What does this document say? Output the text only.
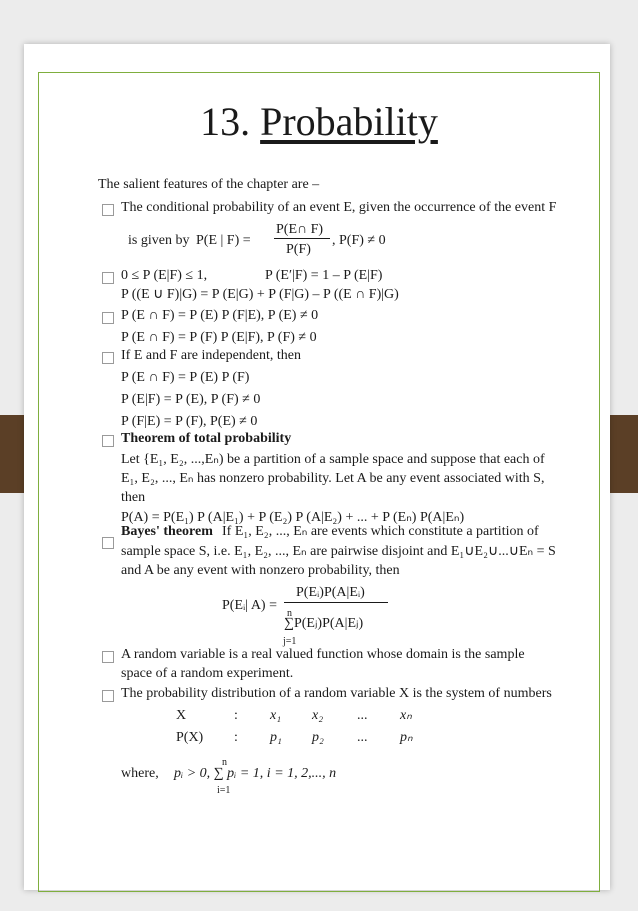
13. Probability
The salient features of the chapter are –
The conditional probability of an event E, given the occurrence of the event F
is given by P(E | F) =
P(E∩ F)
P(F)
, P(F) ≠ 0
0 ≤ P (E|F) ≤ 1,	P (E′|F) = 1 – P (E|F)
P ((E ∪ F)|G) = P (E|G) + P (F|G) – P ((E ∩ F)|G)
P (E ∩ F) = P (E) P (F|E), P (E) ≠ 0
P (E ∩ F) = P (F) P (E|F), P (F) ≠ 0
If E and F are independent, then
P (E ∩ F) = P (E) P (F)
P (E|F) = P (E), P (F) ≠ 0
P (F|E) = P (F), P(E) ≠ 0
Theorem of total probability
Let {E₁, E₂, ...,Eₙ) be a partition of a sample space and suppose that each of
E₁, E₂, ..., Eₙ has nonzero probability. Let A be any event associated with S,
then
P(A) = P(E₁) P (A|E₁) + P (E₂) P (A|E₂) + ... + P (Eₙ) P(A|Eₙ)
Bayes' theorem If E₁, E₂, ..., Eₙ are events which constitute a partition of
sample space S, i.e. E₁, E₂, ..., Eₙ are pairwise disjoint and E₁∪E₂∪...∪Eₙ = S
and A be any event with nonzero probability, then
P(Eᵢ| A) =
P(Eᵢ)P(A|Eᵢ)
n
∑P(Eⱼ)P(A|Eⱼ)
j=1
A random variable is a real valued function whose domain is the sample
space of a random experiment.
The probability distribution of a random variable X is the system of numbers
X	: x₁ x₂ ... xₙ
P(X) : p₁ p₂ ... pₙ
where,
n
pᵢ > 0, ∑ pᵢ = 1, i = 1, 2,..., n
i=1
